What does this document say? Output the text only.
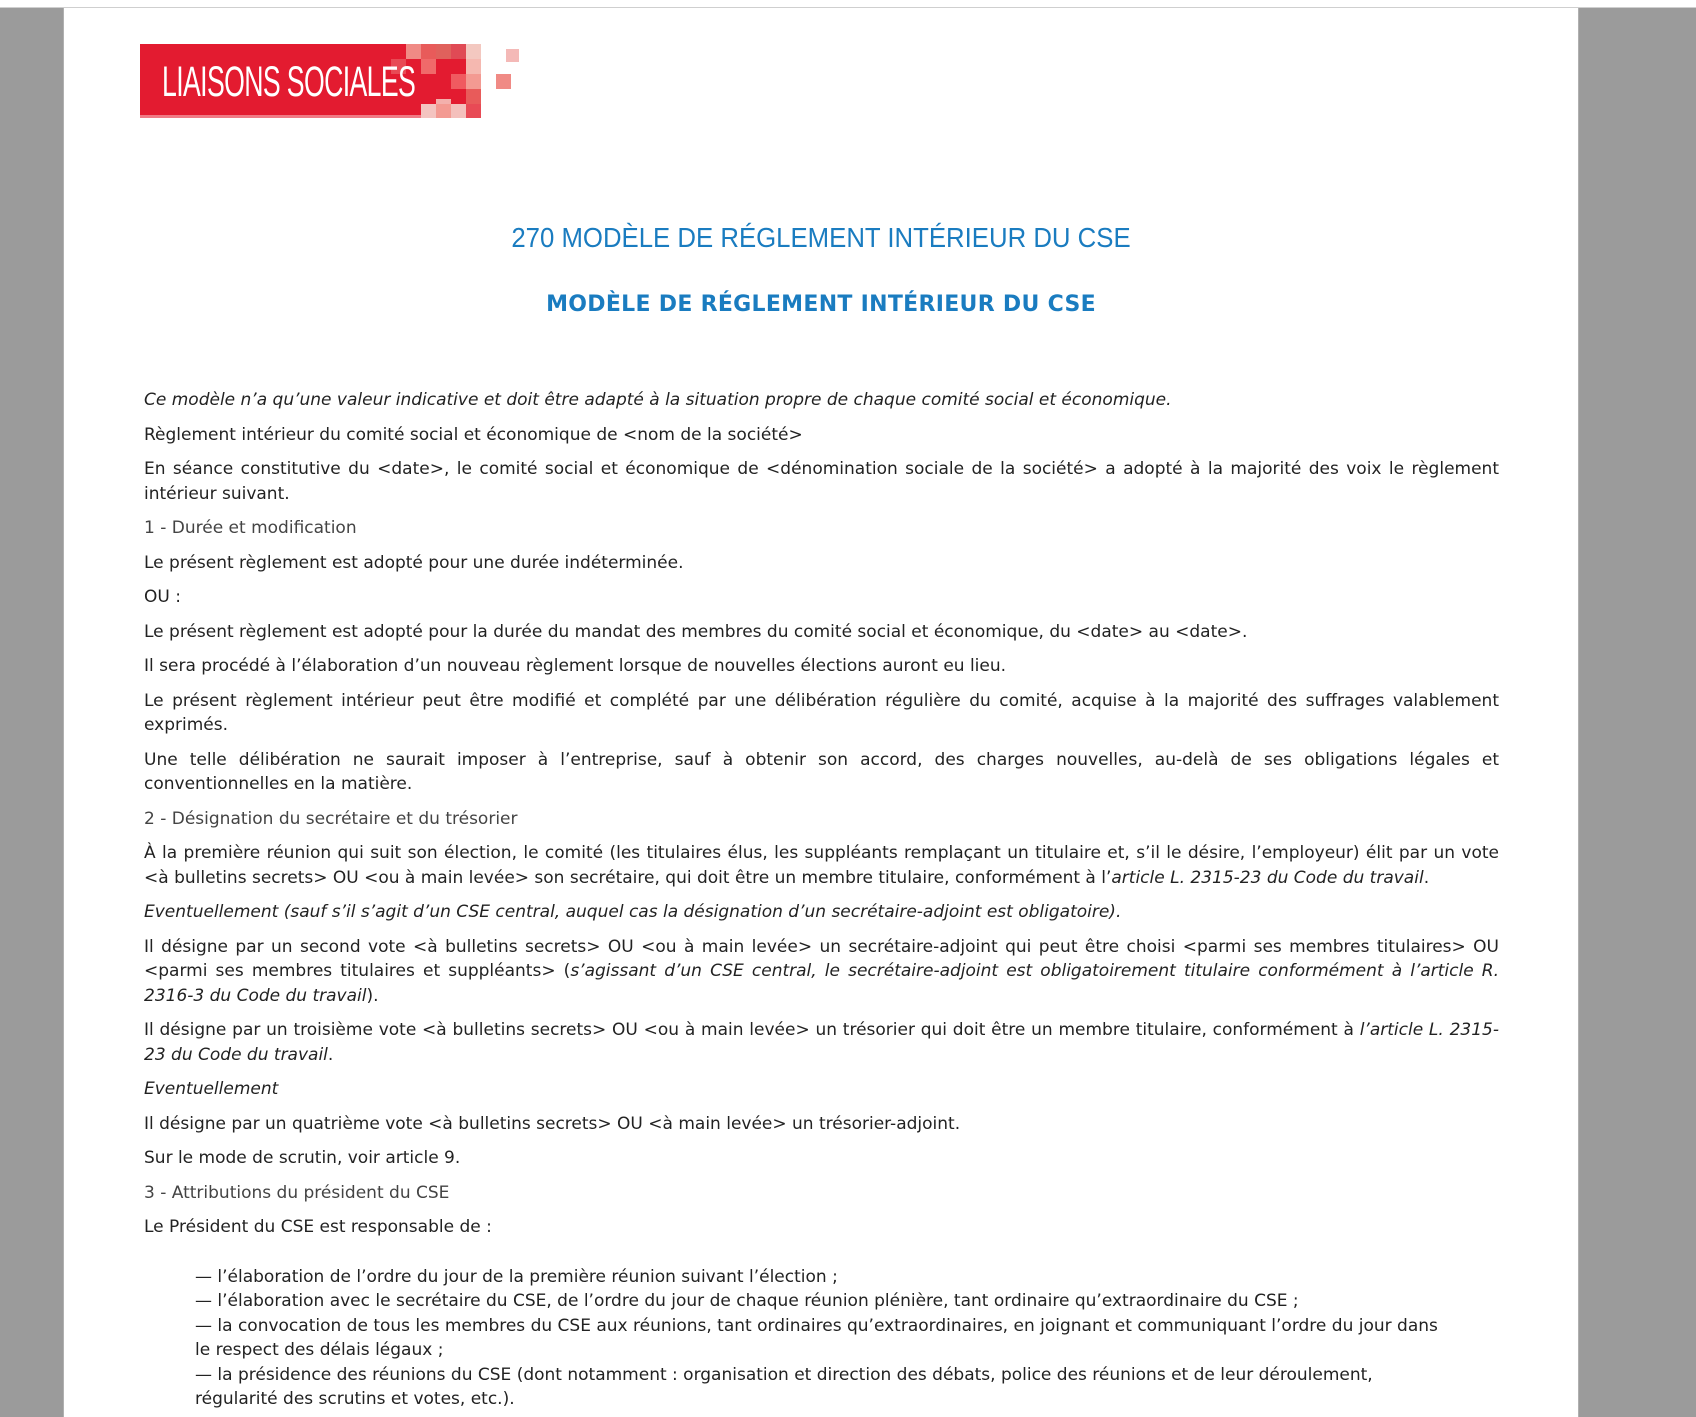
LIAISONS SOCIALES
270 MODÈLE DE RÉGLEMENT INTÉRIEUR DU CSE
MODÈLE DE RÉGLEMENT INTÉRIEUR DU CSE

Ce modèle n’a qu’une valeur indicative et doit être adapté à la situation propre de chaque comité social et économique.

Règlement intérieur du comité social et économique de <nom de la société>

En séance constitutive du <date>, le comité social et économique de <dénomination sociale de la société> a adopté à la majorité des voix le règlement intérieur suivant.

1 - Durée et modification

Le présent règlement est adopté pour une durée indéterminée.

OU :

Le présent règlement est adopté pour la durée du mandat des membres du comité social et économique, du <date> au <date>.

Il sera procédé à l’élaboration d’un nouveau règlement lorsque de nouvelles élections auront eu lieu.

Le présent règlement intérieur peut être modifié et complété par une délibération régulière du comité, acquise à la majorité des suffrages valablement exprimés.

Une telle délibération ne saurait imposer à l’entreprise, sauf à obtenir son accord, des charges nouvelles, au-delà de ses obligations légales et conventionnelles en la matière.

2 - Désignation du secrétaire et du trésorier

À la première réunion qui suit son élection, le comité (les titulaires élus, les suppléants remplaçant un titulaire et, s’il le désire, l’employeur) élit par un vote <à bulletins secrets> OU <ou à main levée> son secrétaire, qui doit être un membre titulaire, conformément à l’article L. 2315-23 du Code du travail.

Eventuellement (sauf s’il s’agit d’un CSE central, auquel cas la désignation d’un secrétaire-adjoint est obligatoire).

Il désigne par un second vote <à bulletins secrets> OU <ou à main levée> un secrétaire-adjoint qui peut être choisi <parmi ses membres titulaires> OU <parmi ses membres titulaires et suppléants> (s’agissant d’un CSE central, le secrétaire-adjoint est obligatoirement titulaire conformément à l’article R. 2316-3 du Code du travail).

Il désigne par un troisième vote <à bulletins secrets> OU <ou à main levée> un trésorier qui doit être un membre titulaire, conformément à l’article L. 2315-23 du Code du travail.

Eventuellement

Il désigne par un quatrième vote <à bulletins secrets> OU <à main levée> un trésorier-adjoint.

Sur le mode de scrutin, voir article 9.

3 - Attributions du président du CSE

Le Président du CSE est responsable de :

— l’élaboration de l’ordre du jour de la première réunion suivant l’élection ;
— l’élaboration avec le secrétaire du CSE, de l’ordre du jour de chaque réunion plénière, tant ordinaire qu’extraordinaire du CSE ;
— la convocation de tous les membres du CSE aux réunions, tant ordinaires qu’extraordinaires, en joignant et communiquant l’ordre du jour dans le respect des délais légaux ;
— la présidence des réunions du CSE (dont notamment : organisation et direction des débats, police des réunions et de leur déroulement, régularité des scrutins et votes, etc.).
